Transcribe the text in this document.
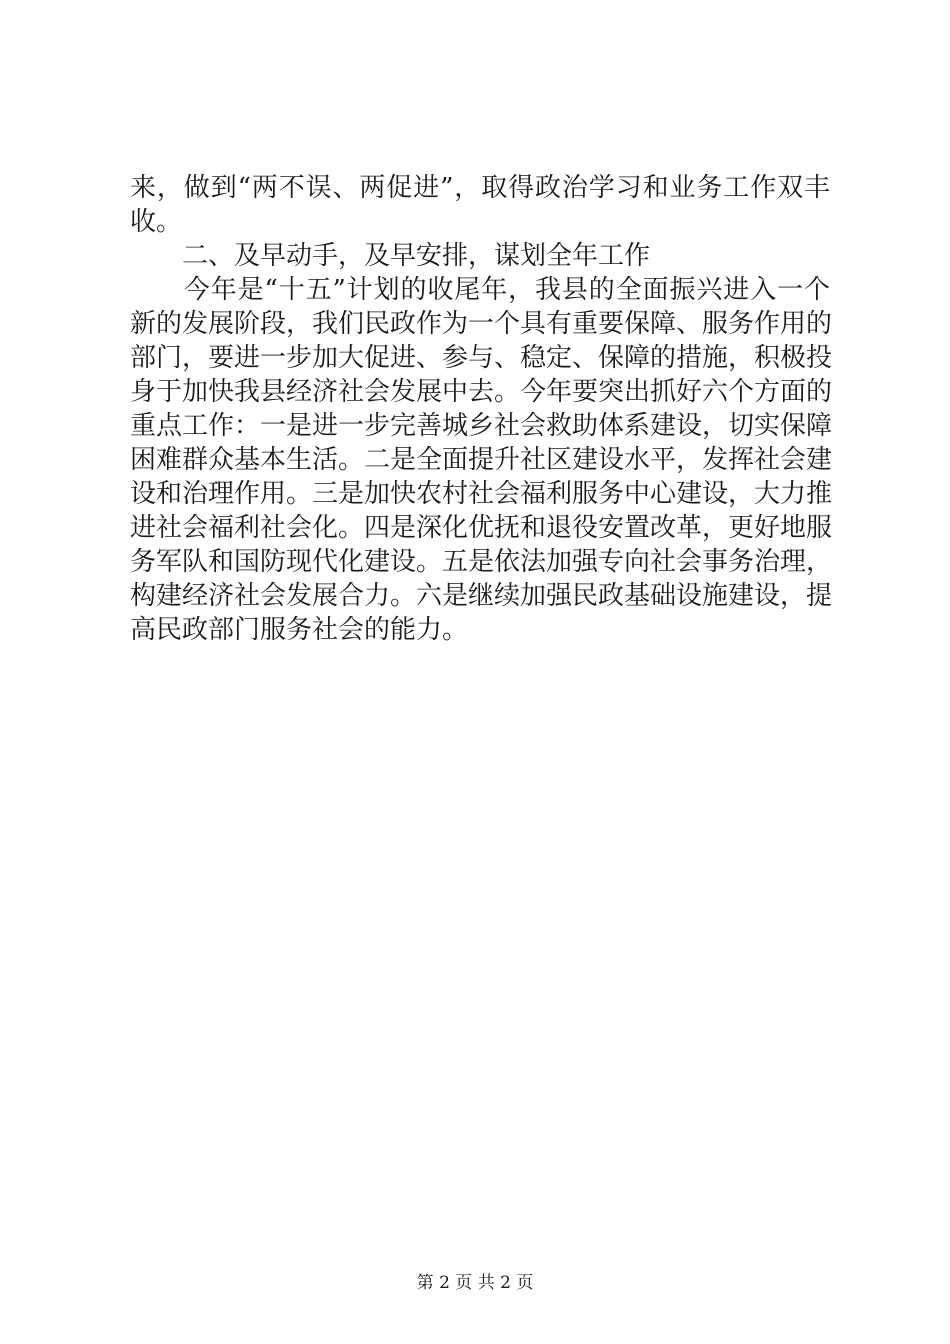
来，做到“两不误、两促进”，取得政治学习和业务工作双丰
收。
　　二、及早动手，及早安排，谋划全年工作
　　今年是“十五”计划的收尾年，我县的全面振兴进入一个
新的发展阶段，我们民政作为一个具有重要保障、服务作用的
部门，要进一步加大促进、参与、稳定、保障的措施，积极投
身于加快我县经济社会发展中去。今年要突出抓好六个方面的
重点工作：一是进一步完善城乡社会救助体系建设，切实保障
困难群众基本生活。二是全面提升社区建设水平，发挥社会建
设和治理作用。三是加快农村社会福利服务中心建设，大力推
进社会福利社会化。四是深化优抚和退役安置改革，更好地服
务军队和国防现代化建设。五是依法加强专向社会事务治理，
构建经济社会发展合力。六是继续加强民政基础设施建设，提
高民政部门服务社会的能力。
第 2 页 共 2 页
